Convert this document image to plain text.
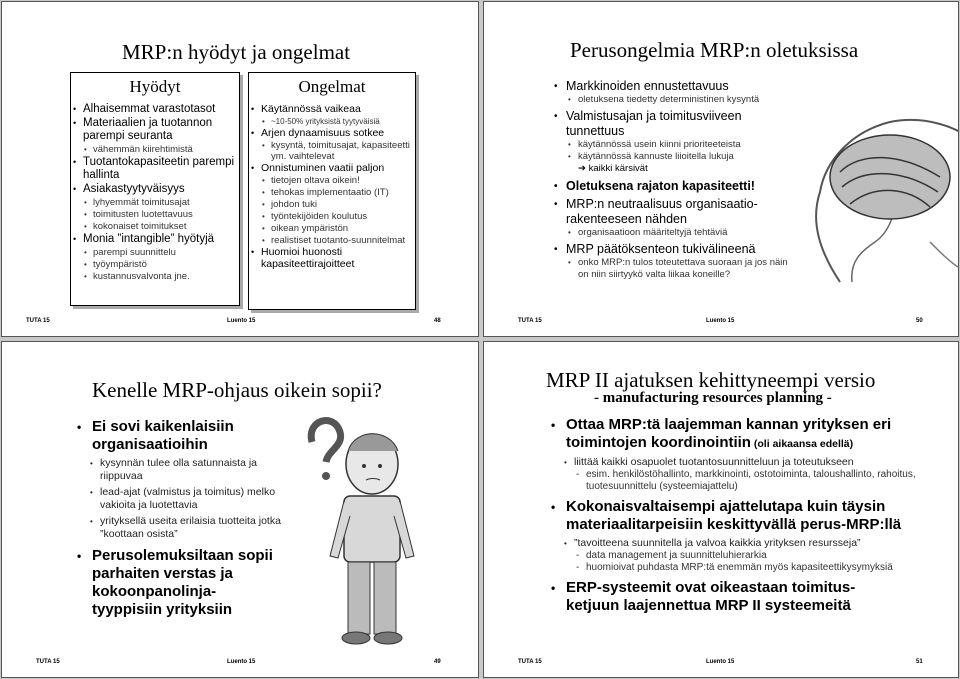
MRP:n hyödyt ja ongelmat
Hyödyt
• Alhaisemmat varastotasot
• Materiaalien ja tuotannon parempi seuranta
• vähemmän kiirehtimistä
• Tuotantokapasiteetin parempi hallinta
• Asiakastyytyväisyys
• lyhyemmät toimitusajat
• toimitusten luotettavuus
• kokonaiset toimitukset
• Monia ”intangible” hyötyjä
• parempi suunnittelu
• työympäristö
• kustannusvalvonta jne.
Ongelmat
• Käytännössä vaikeaa
• ~10-50% yrityksistä tyytyväisiä
• Arjen dynaamisuus sotkee
• kysyntä, toimitusajat, kapasiteetti ym. vaihtelevat
• Onnistuminen vaatii paljon
• tietojen oltava oikein!
• tehokas implementaatio (IT)
• johdon tuki
• työntekijöiden koulutus
• oikean ympäristön
• realistiset tuotanto-suunnitelmat
• Huomioi huonosti kapasiteettirajoitteet
TUTA 15	Luento 15	48
Perusongelmia MRP:n oletuksissa
• Markkinoiden ennustettavuus
• oletuksena tiedetty deterministinen kysyntä
• Valmistusajan ja toimitusviiveen tunnettuus
• käytännössä usein kiinni prioriteeteista
• käytännössä kannuste liioitella lukuja
➔ kaikki kärsivät
• Oletuksena rajaton kapasiteetti!
• MRP:n neutraalisuus organisaatio-rakenteeseen nähden
• organisaatioon määriteltyjä tehtäviä
• MRP päätöksenteon tukivälineenä
• onko MRP:n tulos toteutettava suoraan ja jos näin on niin siirtyykö valta liikaa koneille?
TUTA 15	Luento 15	50
Kenelle MRP-ohjaus oikein sopii?
• Ei sovi kaikenlaisiin organisaatioihin
• kysynnän tulee olla satunnaista ja riippuvaa
• lead-ajat (valmistus ja toimitus) melko vakioita ja luotettavia
• yrityksellä useita erilaisia tuotteita jotka ”koottaan osista”
• Perusolemuksiltaan sopii parhaiten verstas ja kokoonpanolinja-tyyppisiin yrityksiin
TUTA 15	Luento 15	49
MRP II ajatuksen kehittyneempi versio
- manufacturing resources planning -
• Ottaa MRP:tä laajemman kannan yrityksen eri toimintojen koordinointiin (oli aikaansa edellä)
• liittää kaikki osapuolet tuotantosuunnitteluun ja toteutukseen
- esim. henkilöstöhallinto, markkinointi, ostotoiminta, taloushallinto, rahoitus, tuotesuunnittelu (systeemiajattelu)
• Kokonaisvaltaisempi ajattelutapa kuin täysin materiaalitarpeisiin keskittyvällä perus-MRP:llä
• ”tavoitteena suunnitella ja valvoa kaikkia yrityksen resursseja”
- data management ja suunnitteluhierarkia
- huomioivat puhdasta MRP:tä enemmän myös kapasiteettikysymyksiä
• ERP-systeemit ovat oikeastaan toimitus-ketjuun laajennettua MRP II systeemeitä
TUTA 15	Luento 15	51
